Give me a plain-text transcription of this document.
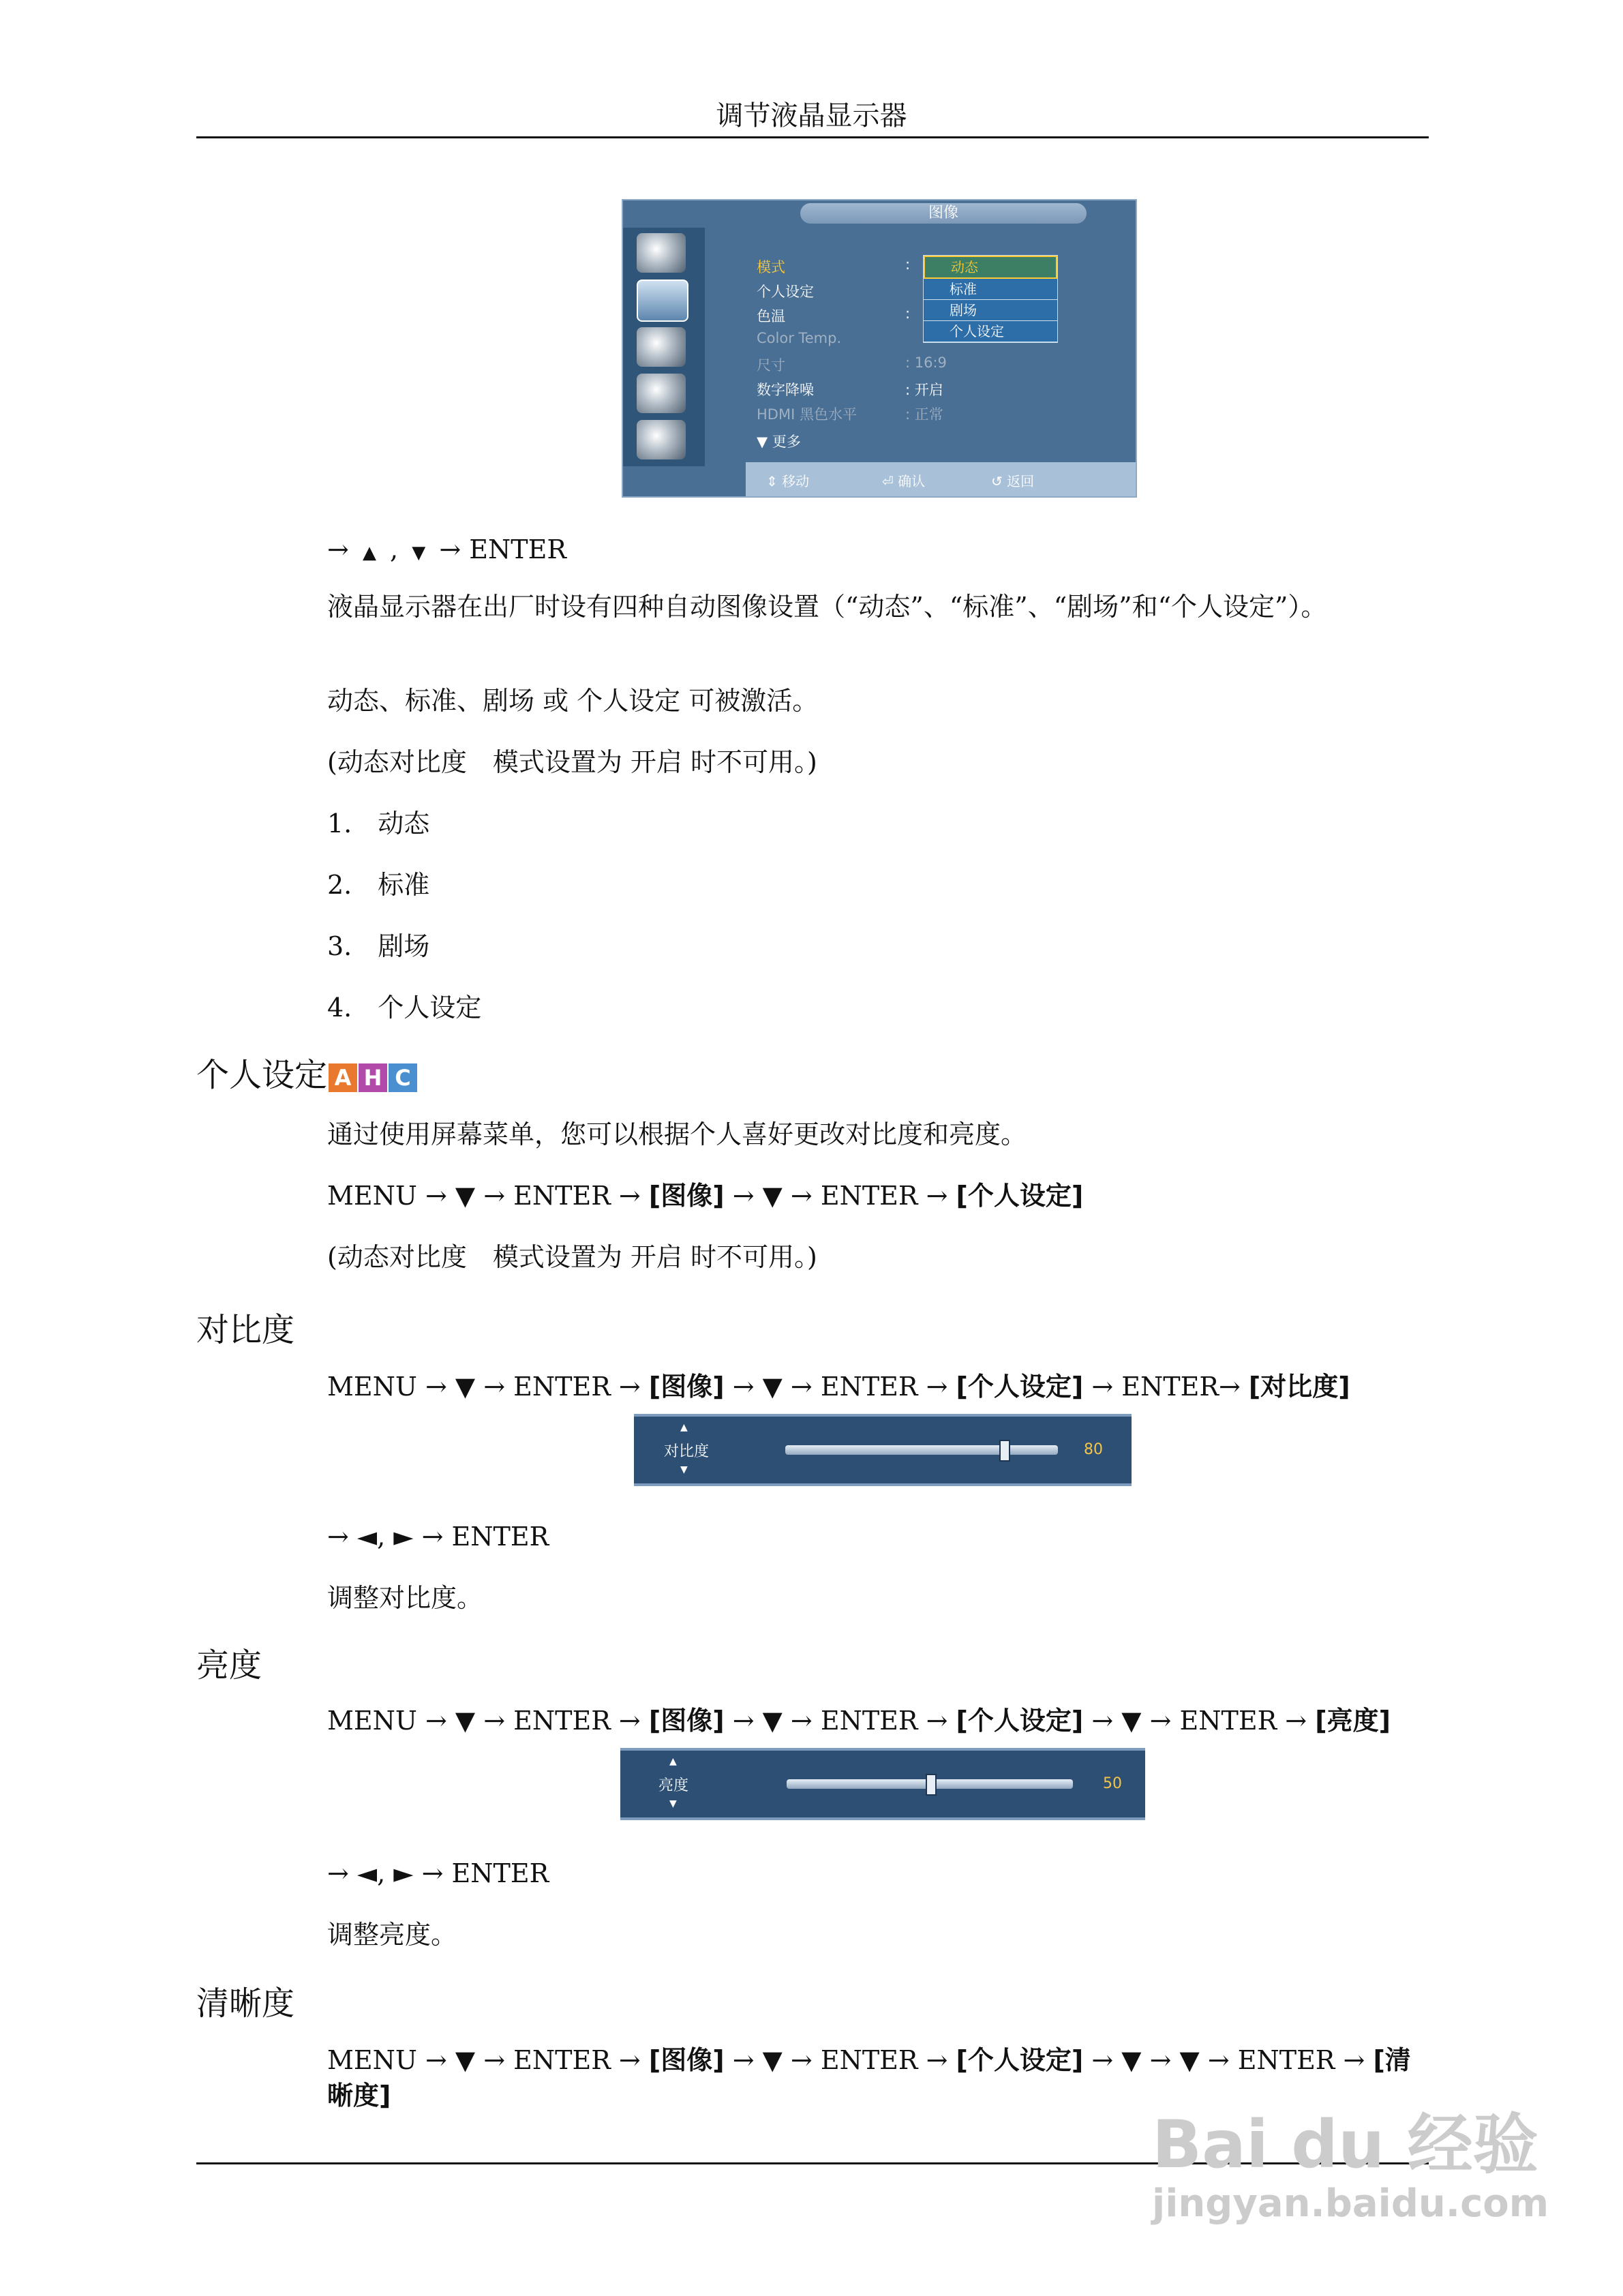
调节液晶显示器
图像
模式	:
个人设定
色温	:
Color Temp.
尺寸	: 16:9
数字降噪	: 开启
HDMI 黑色水平	: 正常
▼ 更多
动态
标准
剧场
个人设定
⇕ 移动	⏎ 确认	↺ 返回
→ ▲ , ▼ → ENTER
液晶显示器在出厂时设有四种自动图像设置（“动态”、“标准”、“剧场”和“个人设定”）。
动态、标准、剧场 或 个人设定 可被激活。
(动态对比度　模式设置为 开启 时不可用。)
1.　动态
2.　标准
3.　剧场
4.　个人设定
个人设定 A H C
通过使用屏幕菜单，您可以根据个人喜好更改对比度和亮度。
MENU → ▼ → ENTER → [图像] → ▼ → ENTER → [个人设定]
(动态对比度　模式设置为 开启 时不可用。)
对比度
MENU → ▼ → ENTER → [图像] → ▼ → ENTER → [个人设定] → ENTER→ [对比度]
▲
对比度
▼
80
→ ◄, ► → ENTER
调整对比度。
亮度
MENU → ▼ → ENTER → [图像] → ▼ → ENTER → [个人设定] → ▼ → ENTER → [亮度]
▲
亮度
▼
50
→ ◄, ► → ENTER
调整亮度。
清晰度
MENU → ▼ → ENTER → [图像] → ▼ → ENTER → [个人设定] → ▼ → ▼ → ENTER → [清晰度]
Bai du 经验
jingyan.baidu.com
